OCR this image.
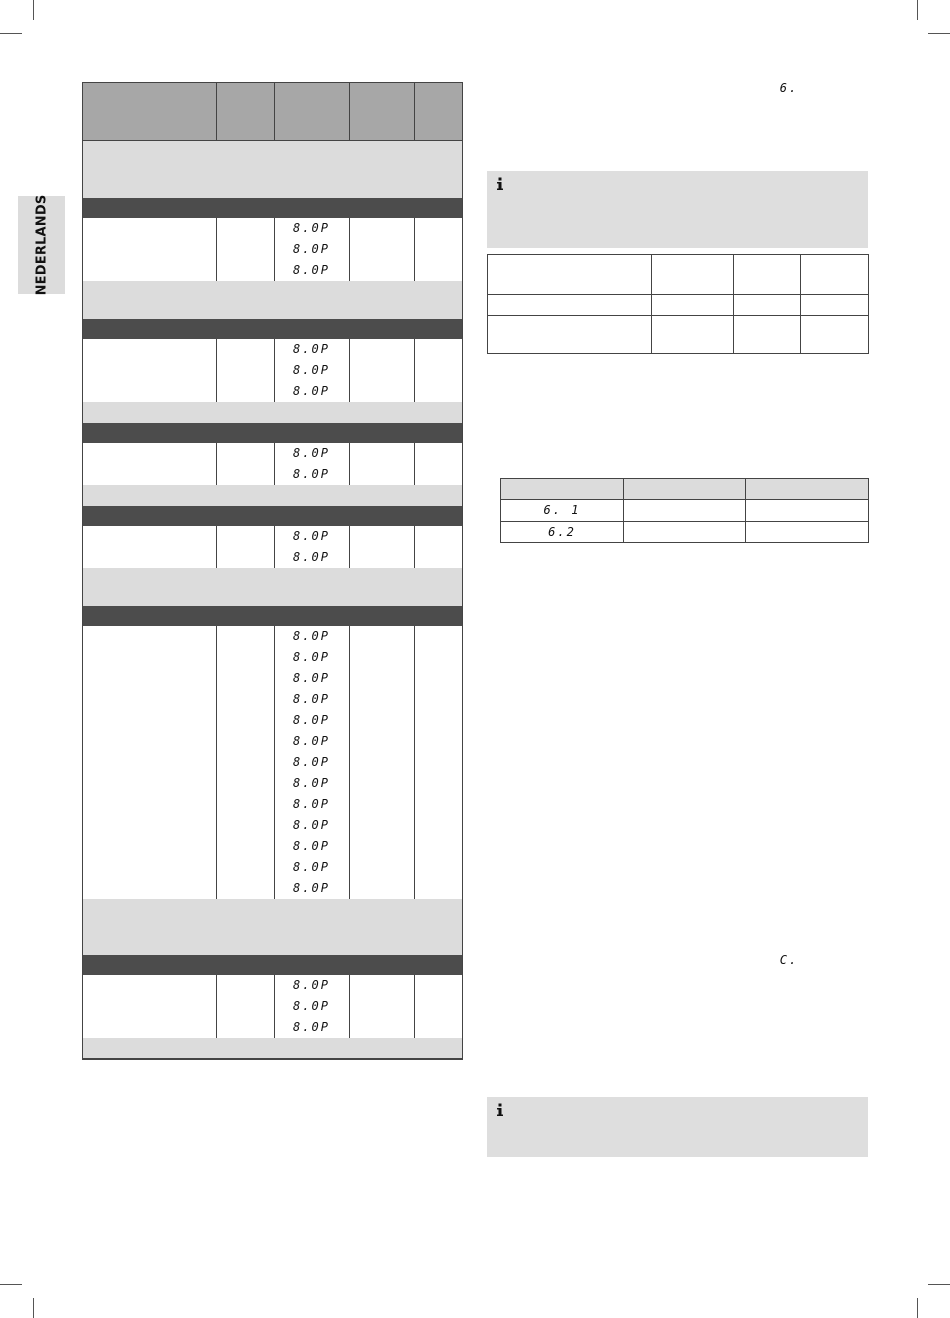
NEDERLANDS	8.0P
8.0P
8.0P
8.0P
8.0P
8.0P
8.0P
8.0P
8.0P
8.0P
8.0P
8.0P
8.0P
8.0P
8.0P
8.0P
8.0P
8.0P
8.0P
8.0P
8.0P
8.0P
8.0P
8.0P
8.0P
8.0P
6.
6. 1
6.2
C.
